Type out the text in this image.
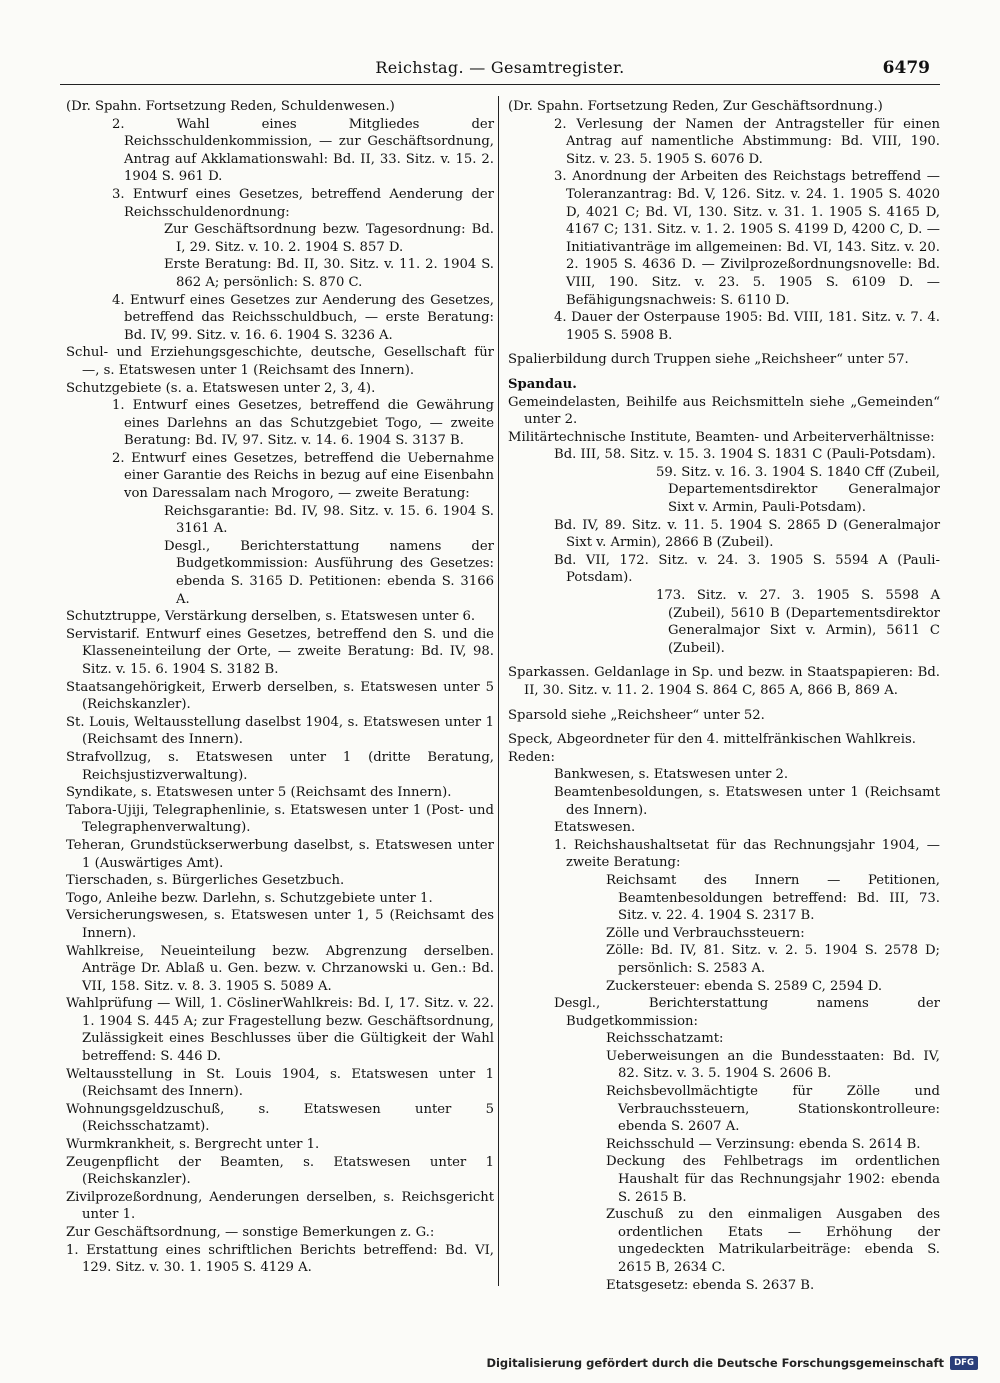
Reichstag. — Gesamtregister.	6479

(Dr. Spahn. Fortsetzung Reden, Schuldenwesen.)

2. Wahl eines Mitgliedes der Reichsschuldenkommission, — zur Geschäftsordnung, Antrag auf Akklamationswahl: Bd. II, 33. Sitz. v. 15. 2. 1904 S. 961 D.

3. Entwurf eines Gesetzes, betreffend Aenderung der Reichsschuldenordnung:

Zur Geschäftsordnung bezw. Tagesordnung: Bd. I, 29. Sitz. v. 10. 2. 1904 S. 857 D.

Erste Beratung: Bd. II, 30. Sitz. v. 11. 2. 1904 S. 862 A; persönlich: S. 870 C.

4. Entwurf eines Gesetzes zur Aenderung des Gesetzes, betreffend das Reichsschuldbuch, — erste Beratung: Bd. IV, 99. Sitz. v. 16. 6. 1904 S. 3236 A.

Schul- und Erziehungsgeschichte, deutsche, Gesellschaft für —, s. Etatswesen unter 1 (Reichsamt des Innern).

Schutzgebiete (s. a. Etatswesen unter 2, 3, 4).

1. Entwurf eines Gesetzes, betreffend die Gewährung eines Darlehns an das Schutzgebiet Togo, — zweite Beratung: Bd. IV, 97. Sitz. v. 14. 6. 1904 S. 3137 B.

2. Entwurf eines Gesetzes, betreffend die Uebernahme einer Garantie des Reichs in bezug auf eine Eisenbahn von Daressalam nach Mrogoro, — zweite Beratung:

Reichsgarantie: Bd. IV, 98. Sitz. v. 15. 6. 1904 S. 3161 A.

Desgl., Berichterstattung namens der Budgetkommission: Ausführung des Gesetzes: ebenda S. 3165 D. Petitionen: ebenda S. 3166 A.

Schutztruppe, Verstärkung derselben, s. Etatswesen unter 6.

Servistarif. Entwurf eines Gesetzes, betreffend den S. und die Klasseneinteilung der Orte, — zweite Beratung: Bd. IV, 98. Sitz. v. 15. 6. 1904 S. 3182 B.

Staatsangehörigkeit, Erwerb derselben, s. Etatswesen unter 5 (Reichskanzler).

St. Louis, Weltausstellung daselbst 1904, s. Etatswesen unter 1 (Reichsamt des Innern).

Strafvollzug, s. Etatswesen unter 1 (dritte Beratung, Reichsjustizverwaltung).

Syndikate, s. Etatswesen unter 5 (Reichsamt des Innern).

Tabora-Ujiji, Telegraphenlinie, s. Etatswesen unter 1 (Post- und Telegraphenverwaltung).

Teheran, Grundstückserwerbung daselbst, s. Etatswesen unter 1 (Auswärtiges Amt).

Tierschaden, s. Bürgerliches Gesetzbuch.

Togo, Anleihe bezw. Darlehn, s. Schutzgebiete unter 1.

Versicherungswesen, s. Etatswesen unter 1, 5 (Reichsamt des Innern).

Wahlkreise, Neueinteilung bezw. Abgrenzung derselben. Anträge Dr. Ablaß u. Gen. bezw. v. Chrzanowski u. Gen.: Bd. VII, 158. Sitz. v. 8. 3. 1905 S. 5089 A.

Wahlprüfung — Will, 1. CöslinerWahlkreis: Bd. I, 17. Sitz. v. 22. 1. 1904 S. 445 A; zur Fragestellung bezw. Geschäftsordnung, Zulässigkeit eines Beschlusses über die Gültigkeit der Wahl betreffend: S. 446 D.

Weltausstellung in St. Louis 1904, s. Etatswesen unter 1 (Reichsamt des Innern).

Wohnungsgeldzuschuß, s. Etatswesen unter 5 (Reichsschatzamt).

Wurmkrankheit, s. Bergrecht unter 1.

Zeugenpflicht der Beamten, s. Etatswesen unter 1 (Reichskanzler).

Zivilprozeßordnung, Aenderungen derselben, s. Reichsgericht unter 1.

Zur Geschäftsordnung, — sonstige Bemerkungen z. G.:

1. Erstattung eines schriftlichen Berichts betreffend: Bd. VI, 129. Sitz. v. 30. 1. 1905 S. 4129 A.

(Dr. Spahn. Fortsetzung Reden, Zur Geschäftsordnung.)

2. Verlesung der Namen der Antragsteller für einen Antrag auf namentliche Abstimmung: Bd. VIII, 190. Sitz. v. 23. 5. 1905 S. 6076 D.

3. Anordnung der Arbeiten des Reichstags betreffend — Toleranzantrag: Bd. V, 126. Sitz. v. 24. 1. 1905 S. 4020 D, 4021 C; Bd. VI, 130. Sitz. v. 31. 1. 1905 S. 4165 D, 4167 C; 131. Sitz. v. 1. 2. 1905 S. 4199 D, 4200 C, D. — Initiativanträge im allgemeinen: Bd. VI, 143. Sitz. v. 20. 2. 1905 S. 4636 D. — Zivilprozeßordnungsnovelle: Bd. VIII, 190. Sitz. v. 23. 5. 1905 S. 6109 D. — Befähigungsnachweis: S. 6110 D.

4. Dauer der Osterpause 1905: Bd. VIII, 181. Sitz. v. 7. 4. 1905 S. 5908 B.

Spalierbildung durch Truppen siehe „Reichsheer“ unter 57.

Spandau.

Gemeindelasten, Beihilfe aus Reichsmitteln siehe „Gemeinden“ unter 2.

Militärtechnische Institute, Beamten- und Arbeiterverhältnisse:

Bd. III, 58. Sitz. v. 15. 3. 1904 S. 1831 C (Pauli-Potsdam).

59. Sitz. v. 16. 3. 1904 S. 1840 Cff (Zubeil, Departementsdirektor Generalmajor Sixt v. Armin, Pauli-Potsdam).

Bd. IV, 89. Sitz. v. 11. 5. 1904 S. 2865 D (Generalmajor Sixt v. Armin), 2866 B (Zubeil).

Bd. VII, 172. Sitz. v. 24. 3. 1905 S. 5594 A (Pauli-Potsdam).

173. Sitz. v. 27. 3. 1905 S. 5598 A (Zubeil), 5610 B (Departementsdirektor Generalmajor Sixt v. Armin), 5611 C (Zubeil).

Sparkassen. Geldanlage in Sp. und bezw. in Staatspapieren: Bd. II, 30. Sitz. v. 11. 2. 1904 S. 864 C, 865 A, 866 B, 869 A.

Sparsold siehe „Reichsheer“ unter 52.

Speck, Abgeordneter für den 4. mittelfränkischen Wahlkreis.

Reden:

Bankwesen, s. Etatswesen unter 2.

Beamtenbesoldungen, s. Etatswesen unter 1 (Reichsamt des Innern).

Etatswesen.

1. Reichshaushaltsetat für das Rechnungsjahr 1904, — zweite Beratung:

Reichsamt des Innern — Petitionen, Beamtenbesoldungen betreffend: Bd. III, 73. Sitz. v. 22. 4. 1904 S. 2317 B.

Zölle und Verbrauchssteuern:

Zölle: Bd. IV, 81. Sitz. v. 2. 5. 1904 S. 2578 D; persönlich: S. 2583 A.

Zuckersteuer: ebenda S. 2589 C, 2594 D.

Desgl., Berichterstattung namens der Budgetkommission:

Reichsschatzamt:

Ueberweisungen an die Bundesstaaten: Bd. IV, 82. Sitz. v. 3. 5. 1904 S. 2606 B.

Reichsbevollmächtigte für Zölle und Verbrauchssteuern, Stationskontrolleure: ebenda S. 2607 A.

Reichsschuld — Verzinsung: ebenda S. 2614 B.

Deckung des Fehlbetrags im ordentlichen Haushalt für das Rechnungsjahr 1902: ebenda S. 2615 B.

Zuschuß zu den einmaligen Ausgaben des ordentlichen Etats — Erhöhung der ungedeckten Matrikularbeiträge: ebenda S. 2615 B, 2634 C.

Etatsgesetz: ebenda S. 2637 B.

Digitalisierung gefördert durch die Deutsche Forschungsgemeinschaft	DFG
